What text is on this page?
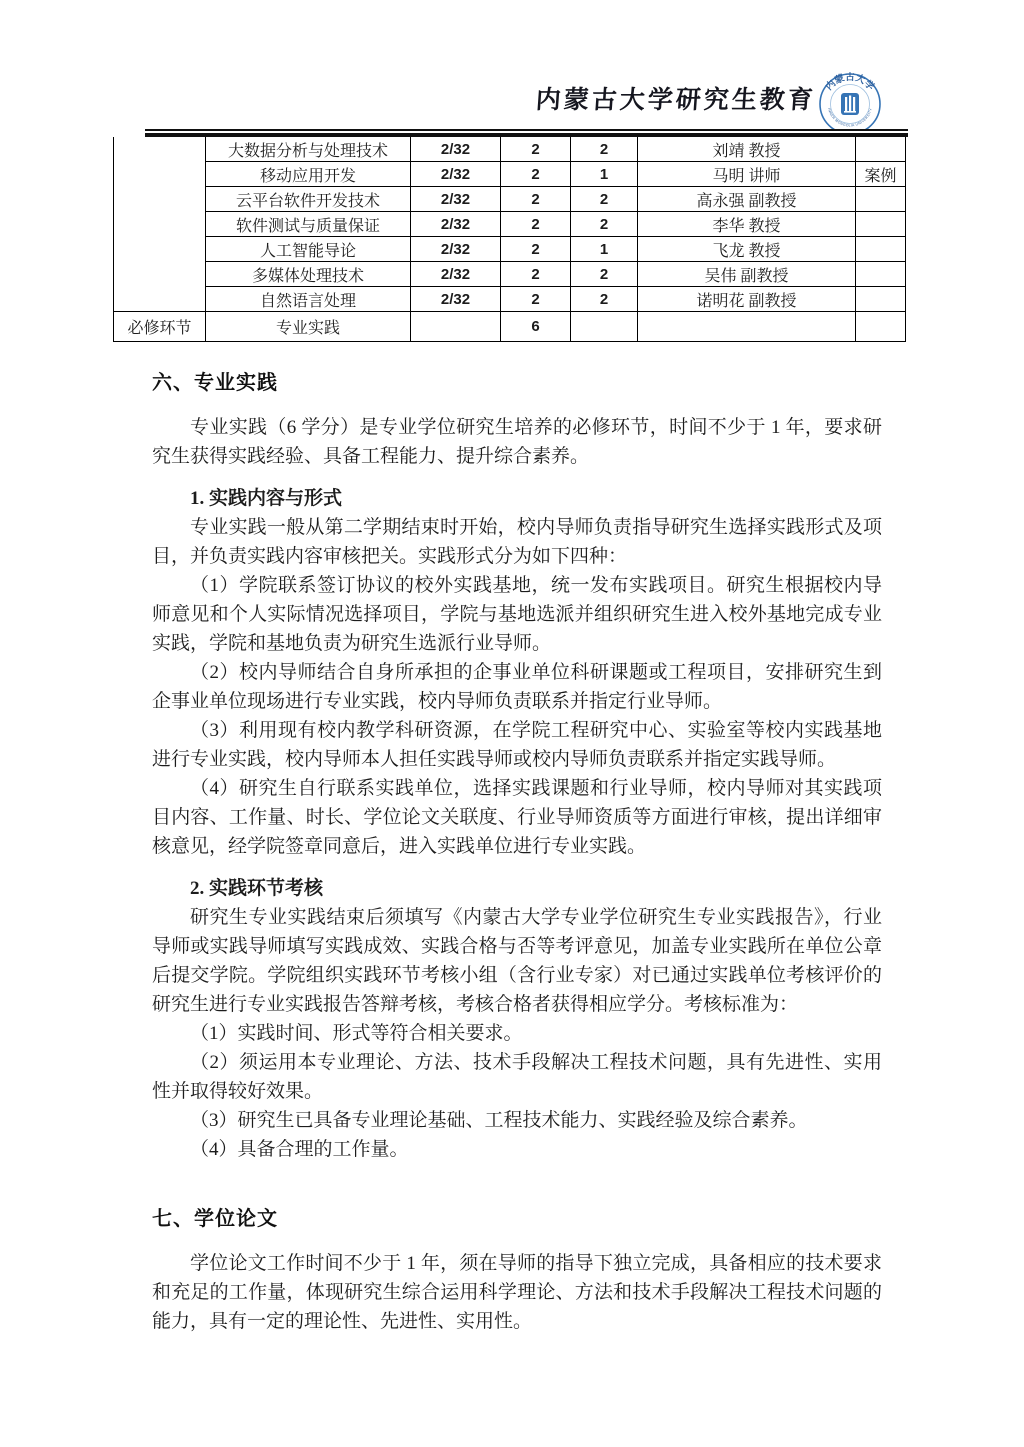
内蒙古大学研究生教育
内蒙古大学
INNER MONGOLIA UNIVERSITY
	大数据分析与处理技术	2/32	2	2	刘靖 教授	
	移动应用开发	2/32	2	1	马明 讲师	案例
	云平台软件开发技术	2/32	2	2	高永强 副教授	
	软件测试与质量保证	2/32	2	2	李华 教授	
	人工智能导论	2/32	2	1	飞龙 教授	
	多媒体处理技术	2/32	2	2	吴伟 副教授	
	自然语言处理	2/32	2	2	诺明花 副教授	
必修环节	专业实践		6			
六、专业实践

专业实践（6 学分）是专业学位研究生培养的必修环节，时间不少于 1 年，要求研究生获得实践经验、具备工程能力、提升综合素养。

1. 实践内容与形式

专业实践一般从第二学期结束时开始，校内导师负责指导研究生选择实践形式及项目，并负责实践内容审核把关。实践形式分为如下四种：

（1）学院联系签订协议的校外实践基地，统一发布实践项目。研究生根据校内导师意见和个人实际情况选择项目，学院与基地选派并组织研究生进入校外基地完成专业实践，学院和基地负责为研究生选派行业导师。

（2）校内导师结合自身所承担的企事业单位科研课题或工程项目，安排研究生到企事业单位现场进行专业实践，校内导师负责联系并指定行业导师。

（3）利用现有校内教学科研资源，在学院工程研究中心、实验室等校内实践基地进行专业实践，校内导师本人担任实践导师或校内导师负责联系并指定实践导师。

（4）研究生自行联系实践单位，选择实践课题和行业导师，校内导师对其实践项目内容、工作量、时长、学位论文关联度、行业导师资质等方面进行审核，提出详细审核意见，经学院签章同意后，进入实践单位进行专业实践。

2. 实践环节考核

研究生专业实践结束后须填写《内蒙古大学专业学位研究生专业实践报告》，行业导师或实践导师填写实践成效、实践合格与否等考评意见，加盖专业实践所在单位公章后提交学院。学院组织实践环节考核小组（含行业专家）对已通过实践单位考核评价的研究生进行专业实践报告答辩考核，考核合格者获得相应学分。考核标准为：

（1）实践时间、形式等符合相关要求。

（2）须运用本专业理论、方法、技术手段解决工程技术问题，具有先进性、实用性并取得较好效果。

（3）研究生已具备专业理论基础、工程技术能力、实践经验及综合素养。

（4）具备合理的工作量。

七、学位论文

学位论文工作时间不少于 1 年，须在导师的指导下独立完成，具备相应的技术要求和充足的工作量，体现研究生综合运用科学理论、方法和技术手段解决工程技术问题的能力，具有一定的理论性、先进性、实用性。
